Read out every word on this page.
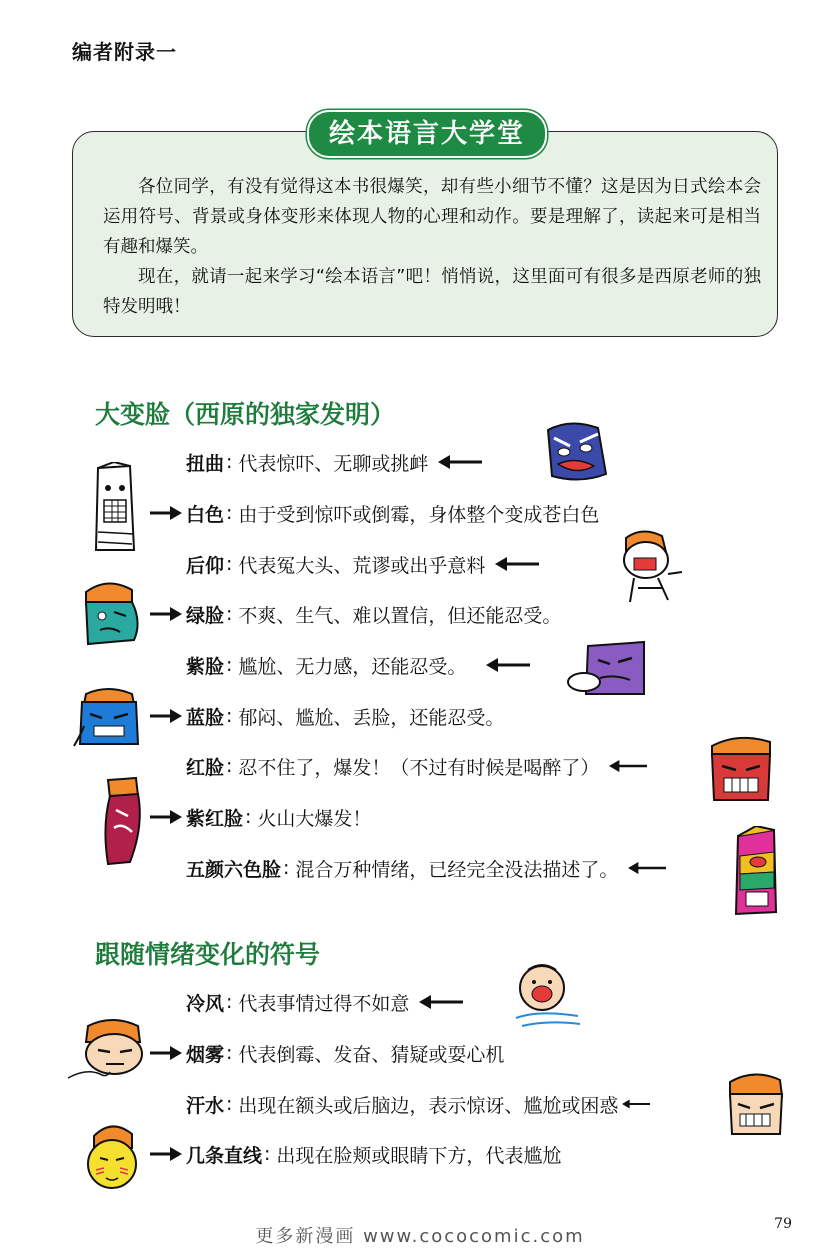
编者附录一

各位同学，有没有觉得这本书很爆笑，却有些小细节不懂？这是因为日式绘本会运用符号、背景或身体变形来体现人物的心理和动作。要是理解了，读起来可是相当有趣和爆笑。

现在，就请一起来学习“绘本语言”吧！悄悄说，这里面可有很多是西原老师的独特发明哦！

绘本语言大学堂
大变脸（西原的独家发明）
扭曲 : 代表惊吓、无聊或挑衅
白色 : 由于受到惊吓或倒霉，身体整个变成苍白色
后仰 : 代表冤大头、荒谬或出乎意料
绿脸 : 不爽、生气、难以置信，但还能忍受。
紫脸 : 尴尬、无力感，还能忍受。
蓝脸 : 郁闷、尴尬、丢脸，还能忍受。
红脸 : 忍不住了，爆发！（不过有时候是喝醉了）
紫红脸 : 火山大爆发！
五颜六色脸 : 混合万种情绪，已经完全没法描述了。
跟随情绪变化的符号
冷风 : 代表事情过得不如意
烟雾 : 代表倒霉、发奋、猜疑或耍心机
汗水 : 出现在额头或后脑边，表示惊讶、尴尬或困惑
几条直线 : 出现在脸颊或眼睛下方，代表尴尬
更多新漫画 www.cococomic.com
79
